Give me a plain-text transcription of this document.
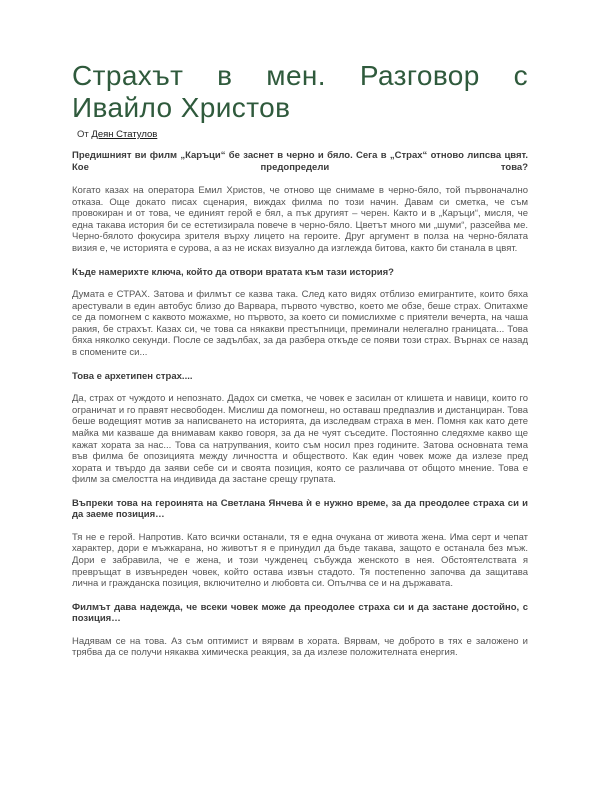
Страхът в мен. Разговор с Ивайло Христов
От Деян Статулов

Предишният ви филм „Каръци“ бе заснет в черно и бяло. Сега в „Страх“ отново липсва цвят. Кое предопредели това?

Когато казах на оператора Емил Христов, че отново ще снимаме в черно-бяло, той първоначално отказа. Още докато писах сценария, виждах филма по този начин. Давам си сметка, че съм провокиран и от това, че единият герой е бял, а пък другият – черен. Както и в „Каръци“, мисля, че една такава история би се естетизирала повече в черно-бяло. Цветът много ми „шуми“, разсейва ме. Черно-бялото фокусира зрителя върху лицето на героите. Друг аргумент в полза на черно-бялата визия е, че историята е сурова, а аз не исках визуално да изглежда битова, както би станала в цвят.

Къде намерихте ключа, който да отвори вратата към тази история?

Думата е СТРАХ. Затова и филмът се казва така. След като видях отблизо емигрантите, които бяха арестували в един автобус близо до Варвара, първото чувство, което ме обзе, беше страх. Опитахме се да помогнем с каквото можахме, но първото, за което си помислихме с приятели вечерта, на чаша ракия, бе страхът. Казах си, че това са някакви престъпници, преминали нелегално границата... Това бяха няколко секунди. После се задълбах, за да разбера откъде се появи този страх. Върнах се назад в спомените си...

Това е архетипен страх....

Да, страх от чуждото и непознато. Дадох си сметка, че човек е засилан от клишета и навици, които го ограничат и го правят несвободен. Мислиш да помогнеш, но оставаш предпазлив и дистанциран. Това беше водещият мотив за написването на историята, да изследвам страха в мен. Помня как като дете майка ми казваше да внимавам какво говоря, за да не чуят съседите. Постоянно следяхме какво ще кажат хората за нас... Това са натрупвания, които съм носил през годините. Затова основната тема във филма бе опозицията между личността и обществото. Как един човек може да излезе пред хората и твърдо да заяви себе си и своята позиция, която се различава от общото мнение. Това е филм за смелостта на индивида да застане срещу групата.

Въпреки това на героинята на Светлана Янчева ѝ е нужно време, за да преодолее страха си и да заеме позиция…

Тя не е герой. Напротив. Като всички останали, тя е една очукана от живота жена. Има серт и чепат характер, дори е мъжкарана, но животът я е принудил да бъде такава, защото е останала без мъж. Дори е забравила, че е жена, и този чужденец събужда женското в нея. Обстоятелствата я превръщат в извънреден човек, който остава извън стадото. Тя постепенно започва да защитава лична и гражданска позиция, включително и любовта си. Опълчва се и на държавата.

Филмът дава надежда, че всеки човек може да преодолее страха си и да застане достойно, с позиция…

Надявам се на това. Аз съм оптимист и вярвам в хората. Вярвам, че доброто в тях е заложено и трябва да се получи някаква химическа реакция, за да излезе положителната енергия.
